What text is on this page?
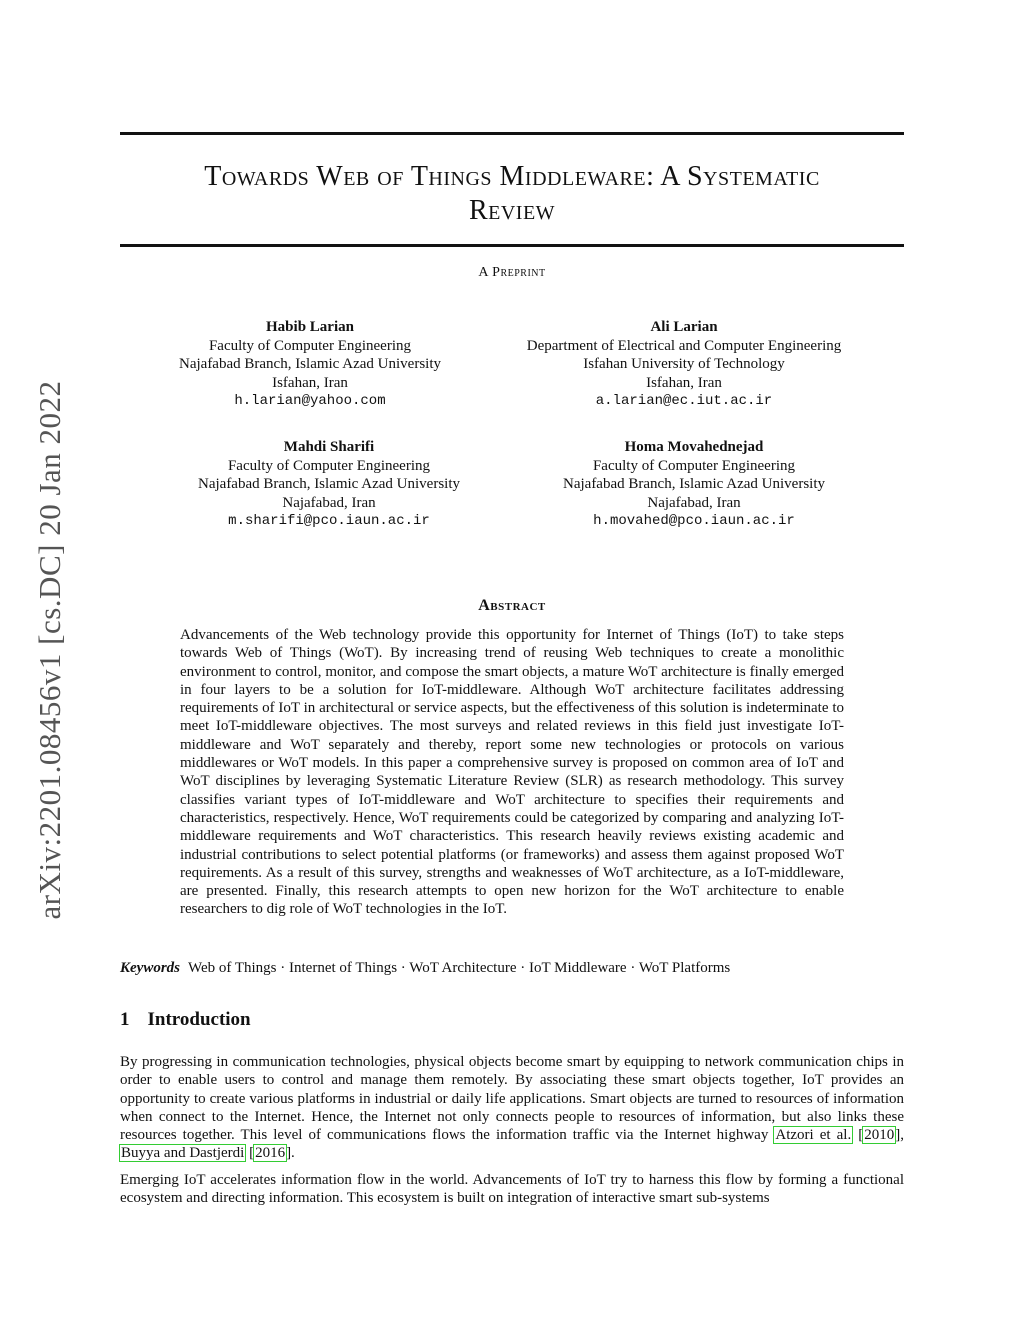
arXiv:2201.08456v1 [cs.DC] 20 Jan 2022
Towards Web of Things Middleware: A Systematic
Review
A Preprint
Habib Larian
Faculty of Computer Engineering
Najafabad Branch, Islamic Azad University
Isfahan, Iran
h.larian@yahoo.com
Ali Larian
Department of Electrical and Computer Engineering
Isfahan University of Technology
Isfahan, Iran
a.larian@ec.iut.ac.ir
Mahdi Sharifi
Faculty of Computer Engineering
Najafabad Branch, Islamic Azad University
Najafabad, Iran
m.sharifi@pco.iaun.ac.ir
Homa Movahednejad
Faculty of Computer Engineering
Najafabad Branch, Islamic Azad University
Najafabad, Iran
h.movahed@pco.iaun.ac.ir
Abstract
Advancements of the Web technology provide this opportunity for Internet of Things (IoT) to take steps towards Web of Things (WoT). By increasing trend of reusing Web techniques to create a monolithic environment to control, monitor, and compose the smart objects, a mature WoT architecture is finally emerged in four layers to be a solution for IoT-middleware. Although WoT architecture facilitates addressing requirements of IoT in architectural or service aspects, but the effectiveness of this solution is indeterminate to meet IoT-middleware objectives. The most surveys and related reviews in this field just investigate IoT-middleware and WoT separately and thereby, report some new technologies or protocols on various middlewares or WoT models. In this paper a comprehensive survey is proposed on common area of IoT and WoT disciplines by leveraging Systematic Literature Review (SLR) as research methodology. This survey classifies variant types of IoT-middleware and WoT architecture to specifies their requirements and characteristics, respectively. Hence, WoT requirements could be categorized by comparing and analyzing IoT-middleware requirements and WoT characteristics. This research heavily reviews existing academic and industrial contributions to select potential platforms (or frameworks) and assess them against proposed WoT requirements. As a result of this survey, strengths and weaknesses of WoT architecture, as a IoT-middleware, are presented. Finally, this research attempts to open new horizon for the WoT architecture to enable researchers to dig role of WoT technologies in the IoT.
Keywords Web of Things · Internet of Things · WoT Architecture · IoT Middleware · WoT Platforms
1 Introduction
By progressing in communication technologies, physical objects become smart by equipping to network communication chips in order to enable users to control and manage them remotely. By associating these smart objects together, IoT provides an opportunity to create various platforms in industrial or daily life applications. Smart objects are turned to resources of information when connect to the Internet. Hence, the Internet not only connects people to resources of information, but also links these resources together. This level of communications flows the information traffic via the Internet highway Atzori et al. [2010], Buyya and Dastjerdi [2016].
Emerging IoT accelerates information flow in the world. Advancements of IoT try to harness this flow by forming a functional ecosystem and directing information. This ecosystem is built on integration of interactive smart sub-systems
